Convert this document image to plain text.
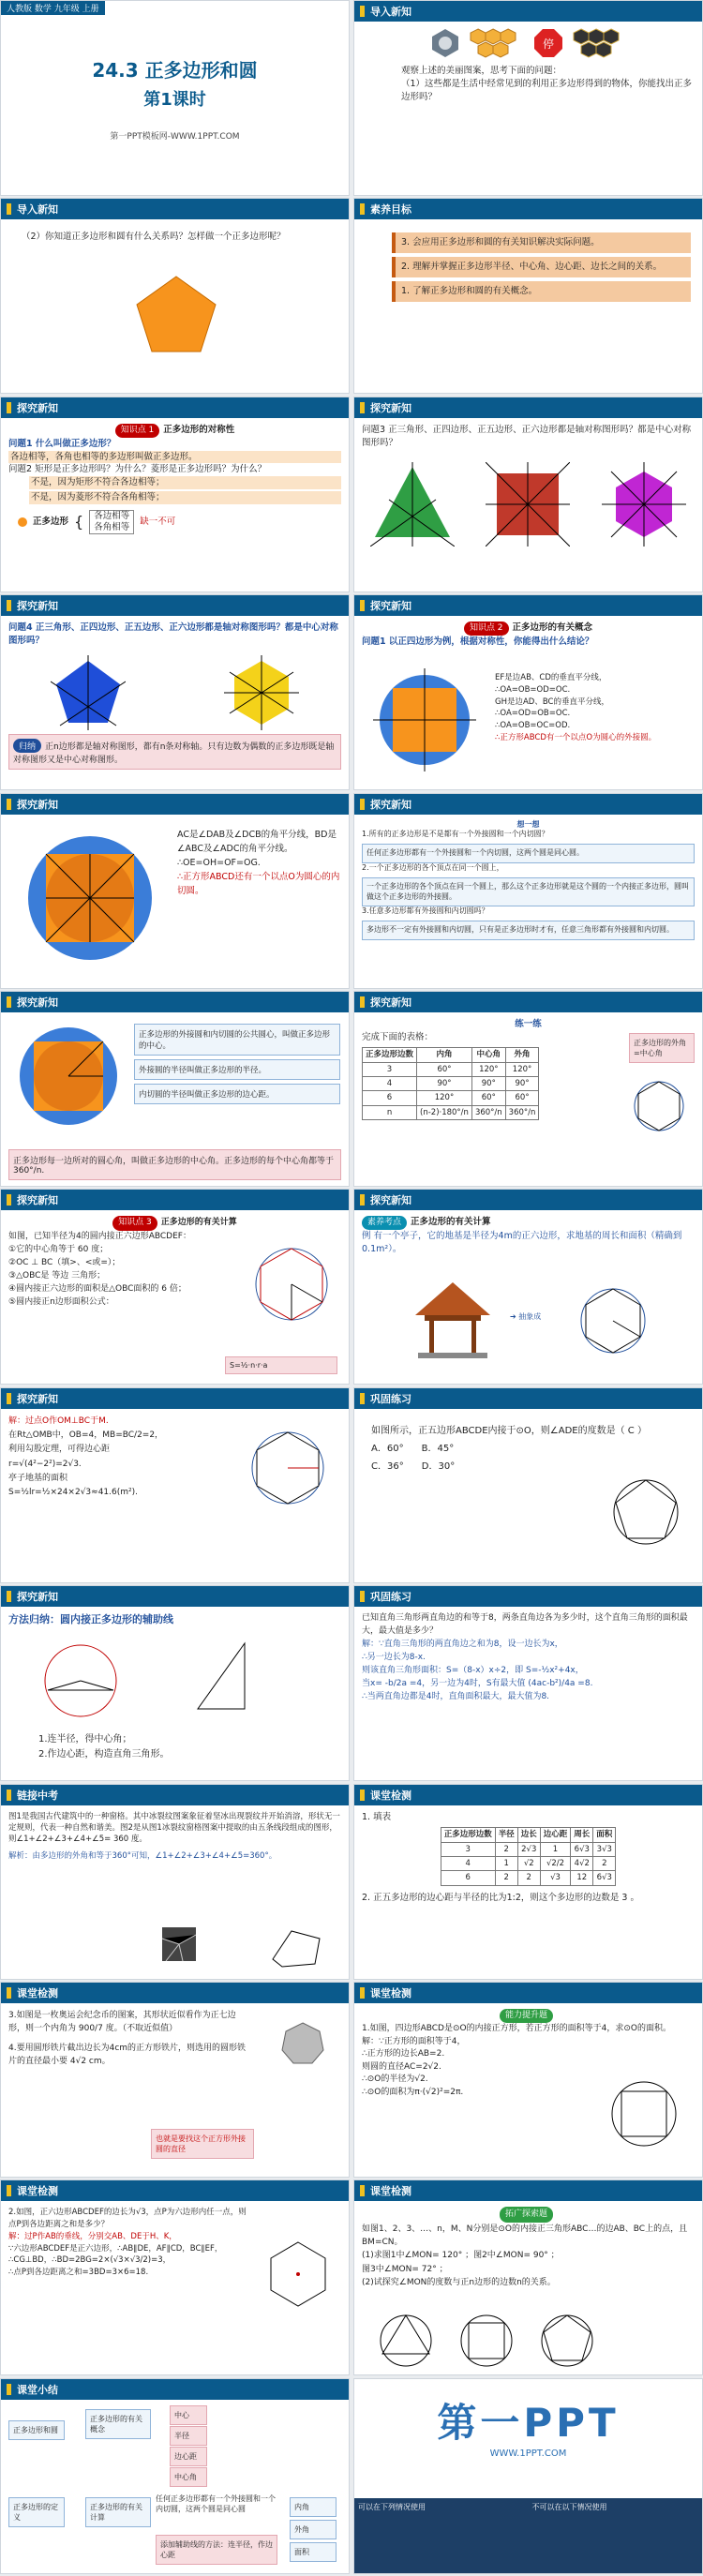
人教版 数学 九年级 上册
24.3 正多边形和圆
第1课时
第一PPT模板网-WWW.1PPT.COM
导入新知
停
观察上述的美丽图案，思考下面的问题：
（1）这些都是生活中经常见到的利用正多边形得到的物体，你能找出正多边形吗？
导入新知
（2）你知道正多边形和圆有什么关系吗？怎样做一个正多边形呢？
素养目标
3. 会应用正多边形和圆的有关知识解决实际问题。
2. 理解并掌握正多边形半径、中心角、边心距、边长之间的关系。
1. 了解正多边形和圆的有关概念。
探究新知
知识点 1 正多边形的对称性
问题1 什么叫做正多边形？
各边相等，各角也相等的多边形叫做正多边形。
问题2 矩形是正多边形吗？为什么？菱形是正多边形吗？为什么？
不是，因为矩形不符合各边相等；
不是，因为菱形不符合各角相等；
正多边形 {	各边相等
各角相等
缺一不可
探究新知
问题3 正三角形、正四边形、正五边形、正六边形都是轴对称图形吗？都是中心对称图形吗？
探究新知
问题4 正三角形、正四边形、正五边形、正六边形都是轴对称图形吗？都是中心对称图形吗？
归纳 正n边形都是轴对称图形，都有n条对称轴。只有边数为偶数的正多边形既是轴对称图形又是中心对称图形。
探究新知
知识点 2 正多边形的有关概念
问题1 以正四边形为例，根据对称性，你能得出什么结论？
EF是边AB、CD的垂直平分线，
∴OA=OB=OD=OC.
GH是边AD、BC的垂直平分线，
∴OA=OD=OB=OC.
∴OA=OB=OC=OD.
∴正方形ABCD有一个以点O为圆心的外接圆。
探究新知
AC是∠DAB及∠DCB的角平分线，BD是∠ABC及∠ADC的角平分线。
∴OE=OH=OF=OG.
∴正方形ABCD还有一个以点O为圆心的内切圆。
探究新知
想一想
1.所有的正多边形是不是都有一个外接圆和一个内切圆？
任何正多边形都有一个外接圆和一个内切圆，这两个圆是同心圆。
2.一个正多边形的各个顶点在同一个圆上，
一个正多边形的各个顶点在同一个圆上，那么这个正多边形就是这个圆的一个内接正多边形，圆叫做这个正多边形的外接圆。
3.任意多边形都有外接圆和内切圆吗？
多边形不一定有外接圆和内切圆，只有是正多边形时才有，任意三角形都有外接圆和内切圆。
探究新知
正多边形的外接圆和内切圆的公共圆心，叫做正多边形的中心。
外接圆的半径叫做正多边形的半径。
内切圆的半径叫做正多边形的边心距。
正多边形每一边所对的圆心角，叫做正多边形的中心角。正多边形的每个中心角都等于360°/n.
探究新知
练一练
完成下面的表格：
正多边形边数	内角	中心角	外角
3	60°	120°	120°
4	90°	90°	90°
6	120°	60°	60°
n	(n-2)·180°/n	360°/n	360°/n
正多边形的外角=中心角
探究新知
知识点 3 正多边形的有关计算
如图，已知半径为4的圆内接正六边形ABCDEF：
①它的中心角等于 60 度；
②OC ⊥ BC（填>、<或=）；
③△OBC是 等边 三角形；
④圆内接正六边形的面积是△OBC面积的 6 倍；
⑤圆内接正n边形面积公式：
S=½·n·r·a
探究新知
素养考点 正多边形的有关计算
例 有一个亭子，它的地基是半径为4m的正六边形，求地基的周长和面积（精确到0.1m²）。
➔ 抽象成
探究新知
解：过点O作OM⊥BC于M.
在Rt△OMB中，OB=4，MB=BC/2=2，
利用勾股定理，可得边心距
r=√(4²−2²)=2√3.
亭子地基的面积
S=½lr=½×24×2√3≈41.6(m²).
巩固练习
如图所示，正五边形ABCDE内接于⊙O，则∠ADE的度数是（ C ）
A．60° B．45°
C．36° D．30°
探究新知
方法归纳：圆内接正多边形的辅助线
1.连半径，得中心角；
2.作边心距，构造直角三角形。
巩固练习
已知直角三角形两直角边的和等于8，两条直角边各为多少时，这个直角三角形的面积最大，最大值是多少？
解：∵直角三角形的两直角边之和为8，设一边长为x，
∴另一边长为8-x.
则该直角三角形面积：S=（8-x）x÷2，即 S=-½x²+4x，
当x= -b/2a =4，另一边为4时，S有最大值 (4ac-b²)/4a =8.
∴当两直角边都是4时，直角面积最大，最大值为8.
链接中考
图1是我国古代建筑中的一种窗格。其中冰裂纹图案象征着坚冰出现裂纹并开始消溶，形状无一定规则，代表一种自然和谐美。图2是从图1冰裂纹窗格图案中提取的由五条线段组成的图形，则∠1+∠2+∠3+∠4+∠5= 360 度。
解析：由多边形的外角和等于360°可知，∠1+∠2+∠3+∠4+∠5=360°。
课堂检测
1. 填表
正多边形边数	半径	边长	边心距	周长	面积
3	2	2√3	1	6√3	3√3
4	1	√2	√2/2	4√2	2
6	2	2	√3	12	6√3
2. 正五多边形的边心距与半径的比为1:2，则这个多边形的边数是 3 。
课堂检测
3.如图是一枚奥运会纪念币的图案，其形状近似看作为正七边形，则一个内角为 900/7 度。（不取近似值）
4.要用圆形铁片截出边长为4cm的正方形铁片，则选用的圆形铁片的直径最小要 4√2 cm。
也就是要找这个正方形外接圆的直径
课堂检测
能力提升题
1.如图，四边形ABCD是⊙O的内接正方形，若正方形的面积等于4，求⊙O的面积。
解：∵正方形的面积等于4，
∴正方形的边长AB=2.
则圆的直径AC=2√2.
∴⊙O的半径为√2.
∴⊙O的面积为π·(√2)²=2π.
课堂检测
2.如图，正六边形ABCDEF的边长为√3，点P为六边形内任一点，则点P到各边距离之和是多少？
解：过P作AB的垂线，分别交AB、DE于H、K，
∵六边形ABCDEF是正六边形，∴AB∥DE，AF∥CD，BC∥EF，
∴CG⊥BD，∴BD=2BG=2×(√3×√3/2)=3，
∴点P到各边距离之和=3BD=3×6=18.
课堂检测
拓广探索题
如图1、2、3、…、n，M、N分别是⊙O的内接正三角形ABC…的边AB、BC上的点，且BM=CN。
(1)求图1中∠MON= 120° ；图2中∠MON= 90° ；
图3中∠MON= 72° ；
(2)试探究∠MON的度数与正n边形的边数n的关系。
课堂小结
正多边形和圆
正多边形的有关概念
中心
半径
边心距
中心角
正多边形的定义
正多边形的有关计算
任何正多边形都有一个外接圆和一个内切圆，这两个圆是同心圆
添加辅助线的方法：连半径，作边心距
内角
外角
面积
第一PPT
WWW.1PPT.COM
可以在下列情况使用	不可以在以下情况使用
